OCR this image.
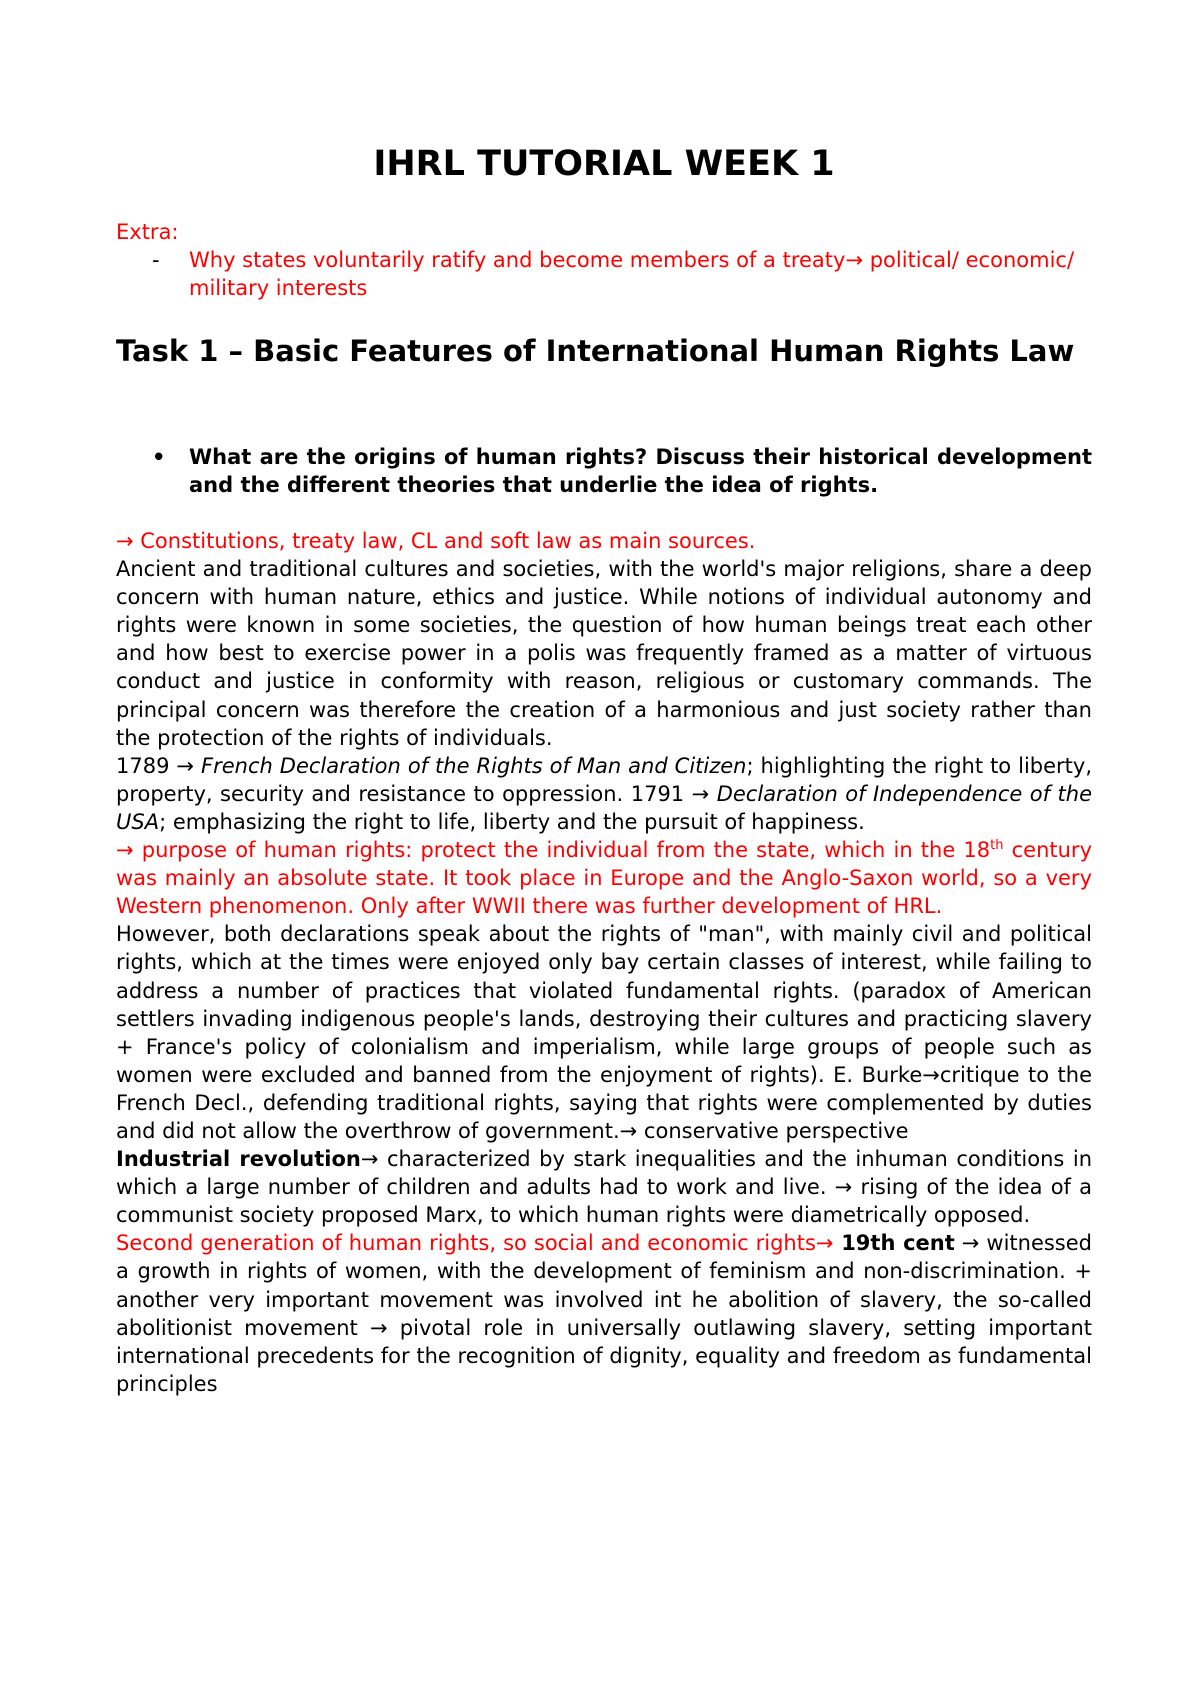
IHRL TUTORIAL WEEK 1
Extra:
- Why states voluntarily ratify and become members of a treaty→ political/ economic/ military interests
Task 1 – Basic Features of International Human Rights Law
• What are the origins of human rights? Discuss their historical development and the different theories that underlie the idea of rights.

→ Constitutions, treaty law, CL and soft law as main sources.

Ancient and traditional cultures and societies, with the world's major religions, share a deep concern with human nature, ethics and justice. While notions of individual autonomy and rights were known in some societies, the question of how human beings treat each other and how best to exercise power in a polis was frequently framed as a matter of virtuous conduct and justice in conformity with reason, religious or customary commands. The principal concern was therefore the creation of a harmonious and just society rather than the protection of the rights of individuals.

1789 → French Declaration of the Rights of Man and Citizen; highlighting the right to liberty, property, security and resistance to oppression. 1791 → Declaration of Independence of the USA; emphasizing the right to life, liberty and the pursuit of happiness.

→ purpose of human rights: protect the individual from the state, which in the 18th century was mainly an absolute state. It took place in Europe and the Anglo-Saxon world, so a very Western phenomenon. Only after WWII there was further development of HRL.

However, both declarations speak about the rights of "man", with mainly civil and political rights, which at the times were enjoyed only bay certain classes of interest, while failing to address a number of practices that violated fundamental rights. (paradox of American settlers invading indigenous people's lands, destroying their cultures and practicing slavery + France's policy of colonialism and imperialism, while large groups of people such as women were excluded and banned from the enjoyment of rights). E. Burke→critique to the French Decl., defending traditional rights, saying that rights were complemented by duties and did not allow the overthrow of government.→ conservative perspective

Industrial revolution→ characterized by stark inequalities and the inhuman conditions in which a large number of children and adults had to work and live. → rising of the idea of a communist society proposed Marx, to which human rights were diametrically opposed.

Second generation of human rights, so social and economic rights→ 19th cent → witnessed a growth in rights of women, with the development of feminism and non-discrimination. + another very important movement was involved int he abolition of slavery, the so-called abolitionist movement → pivotal role in universally outlawing slavery, setting important international precedents for the recognition of dignity, equality and freedom as fundamental principles
